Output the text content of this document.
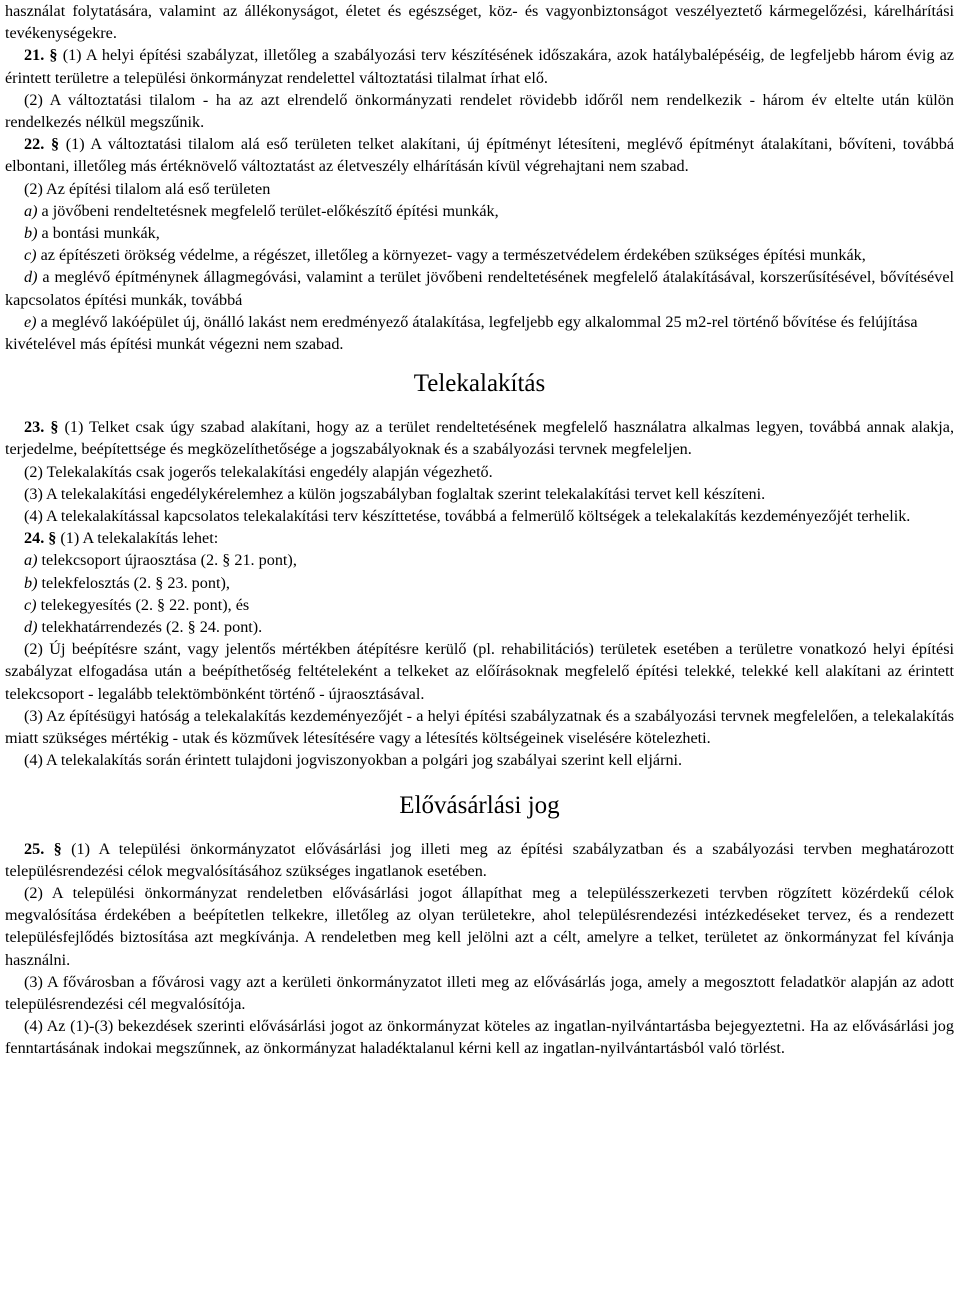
használat folytatására, valamint az állékonyságot, életet és egészséget, köz- és vagyonbiztonságot veszélyeztető kármegelőzési, kárelhárítási tevékenységekre.

21. § (1) A helyi építési szabályzat, illetőleg a szabályozási terv készítésének időszakára, azok hatálybalépéséig, de legfeljebb három évig az érintett területre a települési önkormányzat rendelettel változtatási tilalmat írhat elő.

(2) A változtatási tilalom - ha az azt elrendelő önkormányzati rendelet rövidebb időről nem rendelkezik - három év eltelte után külön rendelkezés nélkül megszűnik.

22. § (1) A változtatási tilalom alá eső területen telket alakítani, új építményt létesíteni, meglévő építményt átalakítani, bővíteni, továbbá elbontani, illetőleg más értéknövelő változtatást az életveszély elhárításán kívül végrehajtani nem szabad.

(2) Az építési tilalom alá eső területen

a) a jövőbeni rendeltetésnek megfelelő terület-előkészítő építési munkák,

b) a bontási munkák,

c) az építészeti örökség védelme, a régészet, illetőleg a környezet- vagy a természetvédelem érdekében szükséges építési munkák,

d) a meglévő építménynek állagmegóvási, valamint a terület jövőbeni rendeltetésének megfelelő átalakításával, korszerűsítésével, bővítésével kapcsolatos építési munkák, továbbá

e) a meglévő lakóépület új, önálló lakást nem eredményező átalakítása, legfeljebb egy alkalommal 25 m2-rel történő bővítése és felújítása

kivételével más építési munkát végezni nem szabad.

Telekalakítás

23. § (1) Telket csak úgy szabad alakítani, hogy az a terület rendeltetésének megfelelő használatra alkalmas legyen, továbbá annak alakja, terjedelme, beépítettsége és megközelíthetősége a jogszabályoknak és a szabályozási tervnek megfeleljen.

(2) Telekalakítás csak jogerős telekalakítási engedély alapján végezhető.

(3) A telekalakítási engedélykérelemhez a külön jogszabályban foglaltak szerint telekalakítási tervet kell készíteni.

(4) A telekalakítással kapcsolatos telekalakítási terv készíttetése, továbbá a felmerülő költségek a telekalakítás kezdeményezőjét terhelik.

24. § (1) A telekalakítás lehet:

a) telekcsoport újraosztása (2. § 21. pont),

b) telekfelosztás (2. § 23. pont),

c) telekegyesítés (2. § 22. pont), és

d) telekhatárrendezés (2. § 24. pont).

(2) Új beépítésre szánt, vagy jelentős mértékben átépítésre kerülő (pl. rehabilitációs) területek esetében a területre vonatkozó helyi építési szabályzat elfogadása után a beépíthetőség feltételeként a telkeket az előírásoknak megfelelő építési telekké, telekké kell alakítani az érintett telekcsoport - legalább telektömbönként történő - újraosztásával.

(3) Az építésügyi hatóság a telekalakítás kezdeményezőjét - a helyi építési szabályzatnak és a szabályozási tervnek megfelelően, a telekalakítás miatt szükséges mértékig - utak és közművek létesítésére vagy a létesítés költségeinek viselésére kötelezheti.

(4) A telekalakítás során érintett tulajdoni jogviszonyokban a polgári jog szabályai szerint kell eljárni.

Elővásárlási jog

25. § (1) A települési önkormányzatot elővásárlási jog illeti meg az építési szabályzatban és a szabályozási tervben meghatározott településrendezési célok megvalósításához szükséges ingatlanok esetében.

(2) A települési önkormányzat rendeletben elővásárlási jogot állapíthat meg a településszerkezeti tervben rögzített közérdekű célok megvalósítása érdekében a beépítetlen telkekre, illetőleg az olyan területekre, ahol településrendezési intézkedéseket tervez, és a rendezett településfejlődés biztosítása azt megkívánja. A rendeletben meg kell jelölni azt a célt, amelyre a telket, területet az önkormányzat fel kívánja használni.

(3) A fővárosban a fővárosi vagy azt a kerületi önkormányzatot illeti meg az elővásárlás joga, amely a megosztott feladatkör alapján az adott településrendezési cél megvalósítója.

(4) Az (1)-(3) bekezdések szerinti elővásárlási jogot az önkormányzat köteles az ingatlan-nyilvántartásba bejegyeztetni. Ha az elővásárlási jog fenntartásának indokai megszűnnek, az önkormányzat haladéktalanul kérni kell az ingatlan-nyilvántartásból való törlést.
